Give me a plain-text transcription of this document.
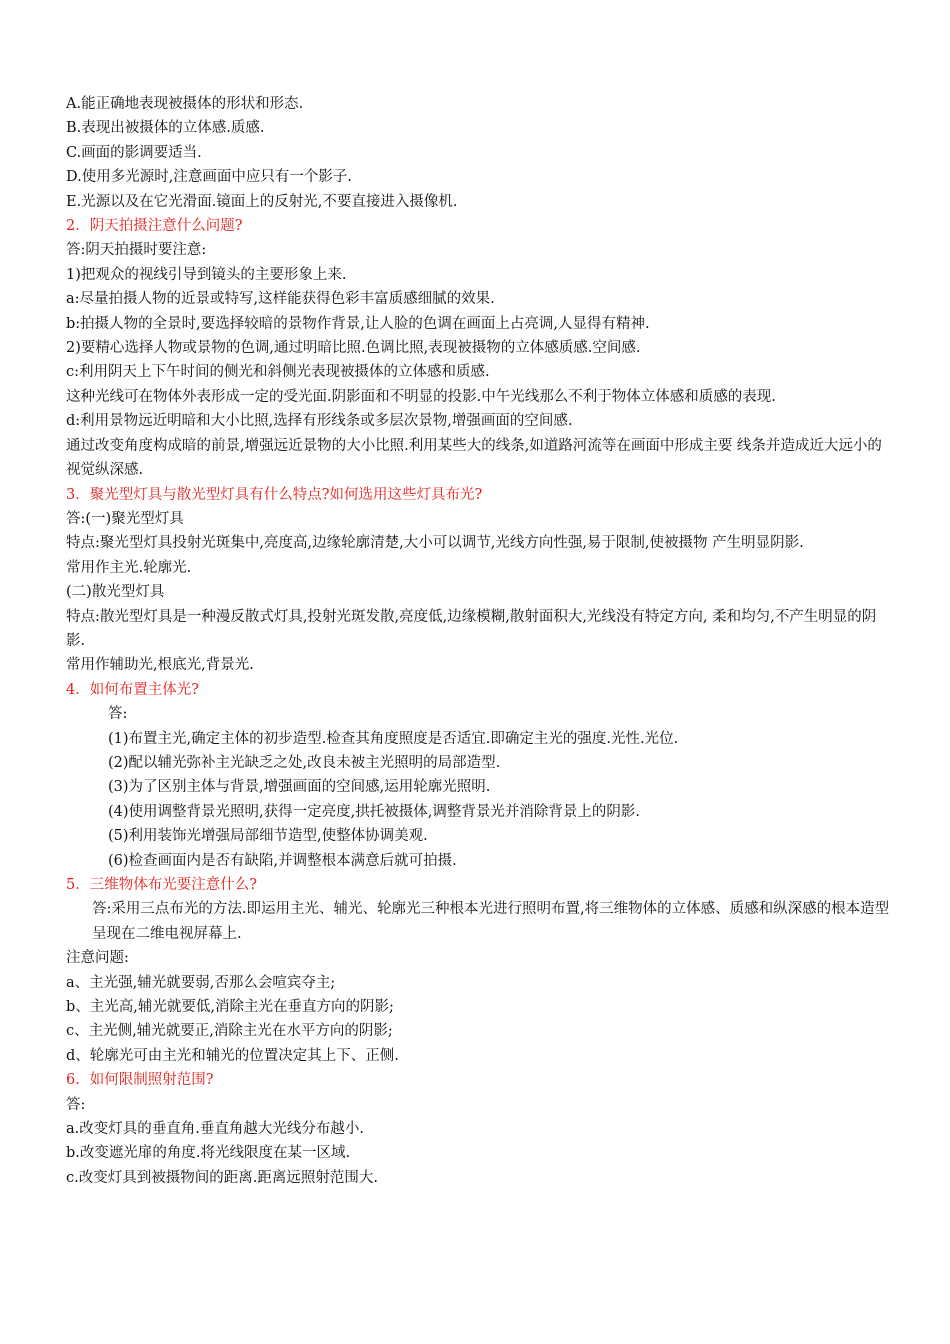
A.能正确地表现被摄体的形状和形态.

B.表现出被摄体的立体感.质感.

C.画面的影调要适当.

D.使用多光源时,注意画面中应只有一个影子.

E.光源以及在它光滑面.镜面上的反射光,不要直接进入摄像机.

2．阴天拍摄注意什么问题?

答:阴天拍摄时要注意:

1)把观众的视线引导到镜头的主要形象上来.

a:尽量拍摄人物的近景或特写,这样能获得色彩丰富质感细腻的效果.

b:拍摄人物的全景时,要选择较暗的景物作背景,让人脸的色调在画面上占亮调,人显得有精神.

2)要精心选择人物或景物的色调,通过明暗比照.色调比照,表现被摄物的立体感质感.空间感.

c:利用阴天上下午时间的侧光和斜侧光表现被摄体的立体感和质感.

这种光线可在物体外表形成一定的受光面.阴影面和不明显的投影.中午光线那么不利于物体立体感和质感的表现.

d:利用景物远近明暗和大小比照,选择有形线条或多层次景物,增强画面的空间感.

通过改变角度构成暗的前景,增强远近景物的大小比照.利用某些大的线条,如道路河流等在画面中形成主要 线条并造成近大远小的视觉纵深感.

3．聚光型灯具与散光型灯具有什么特点?如何选用这些灯具布光?

答:(一)聚光型灯具

特点:聚光型灯具投射光斑集中,亮度高,边缘轮廓清楚,大小可以调节,光线方向性强,易于限制,使被摄物 产生明显阴影.

常用作主光.轮廓光.

(二)散光型灯具

特点:散光型灯具是一种漫反散式灯具,投射光斑发散,亮度低,边缘模糊,散射面积大,光线没有特定方向, 柔和均匀,不产生明显的阴影.

常用作辅助光,根底光,背景光.

4．如何布置主体光?

答:

(1)布置主光,确定主体的初步造型.检查其角度照度是否适宜.即确定主光的强度.光性.光位.

(2)配以辅光弥补主光缺乏之处,改良未被主光照明的局部造型.

(3)为了区别主体与背景,增强画面的空间感,运用轮廓光照明.

(4)使用调整背景光照明,获得一定亮度,拱托被摄体,调整背景光并消除背景上的阴影.

(5)利用装饰光增强局部细节造型,使整体协调美观.

(6)检查画面内是否有缺陷,并调整根本满意后就可拍摄.

5．三维物体布光要注意什么?

答:采用三点布光的方法.即运用主光、辅光、轮廓光三种根本光进行照明布置,将三维物体的立体感、质感和纵深感的根本造型呈现在二维电视屏幕上.

注意问题:

a、主光强,辅光就要弱,否那么会喧宾夺主;

b、主光高,辅光就要低,消除主光在垂直方向的阴影;

c、主光侧,辅光就要正,消除主光在水平方向的阴影;

d、轮廓光可由主光和辅光的位置决定其上下、正侧.

6．如何限制照射范围?

答:

a.改变灯具的垂直角.垂直角越大光线分布越小.

b.改变遮光扉的角度.将光线限度在某一区域.

c.改变灯具到被摄物间的距离.距离远照射范围大.
